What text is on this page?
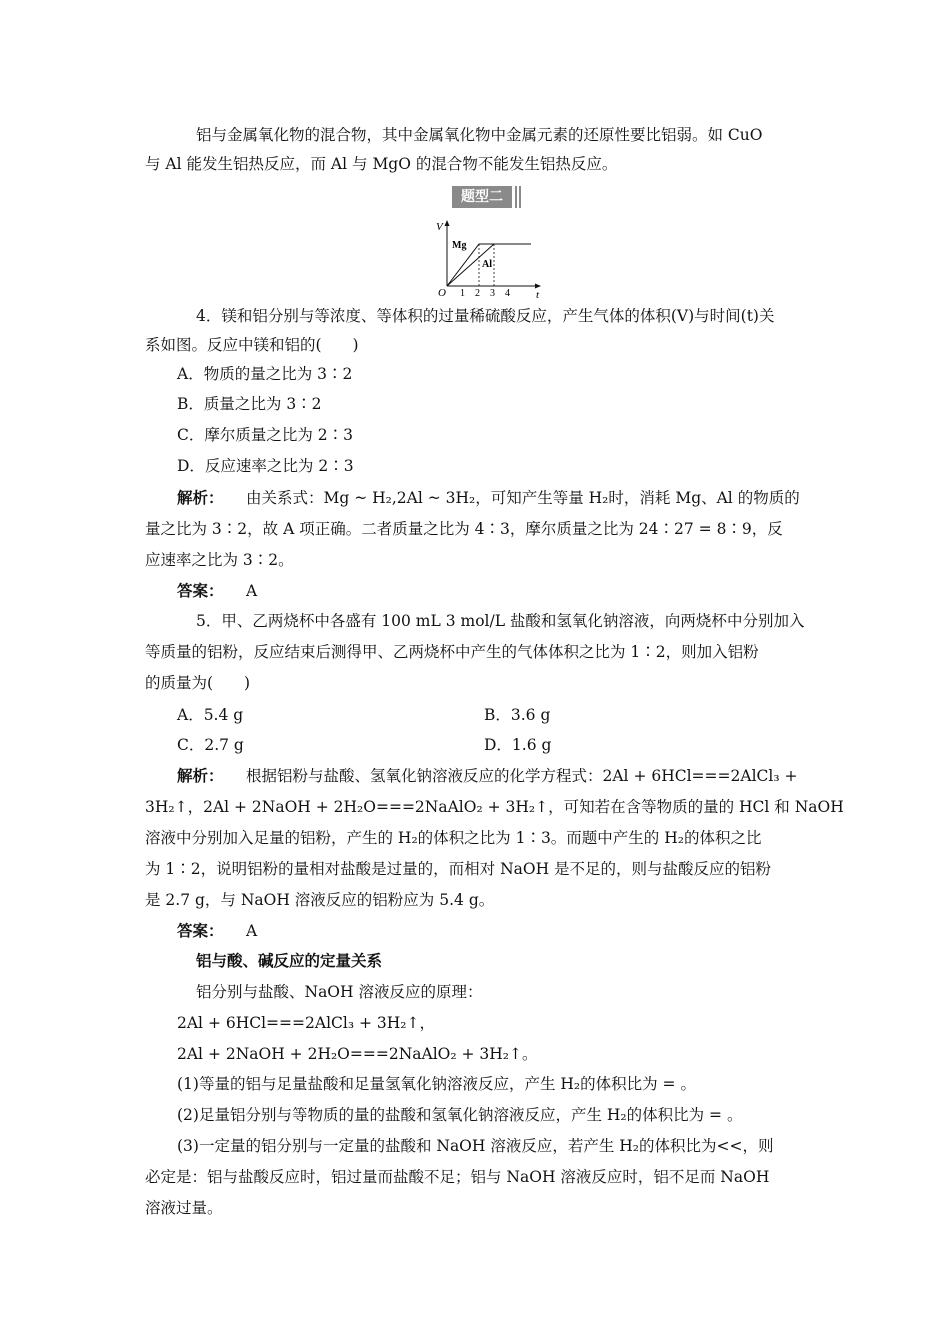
铝与金属氧化物的混合物，其中金属氧化物中金属元素的还原性要比铝弱。如 CuO
与 Al 能发生铝热反应，而 Al 与 MgO 的混合物不能发生铝热反应。
题型二
V
t
O 1 2 3 4
Mg
Al
4．镁和铝分别与等浓度、等体积的过量稀硫酸反应，产生气体的体积(V)与时间(t)关
系如图。反应中镁和铝的(　　)
A．物质的量之比为 3∶2
B．质量之比为 3∶2
C．摩尔质量之比为 2∶3
D．反应速率之比为 2∶3
解析： 由关系式：Mg ~ H₂,2Al ~ 3H₂，可知产生等量 H₂时，消耗 Mg、Al 的物质的
量之比为 3∶2，故 A 项正确。二者质量之比为 4∶3，摩尔质量之比为 24∶27 = 8∶9，反
应速率之比为 3∶2。
答案： A
5．甲、乙两烧杯中各盛有 100 mL 3 mol/L 盐酸和氢氧化钠溶液，向两烧杯中分别加入
等质量的铝粉，反应结束后测得甲、乙两烧杯中产生的气体体积之比为 1∶2，则加入铝粉
的质量为(　　)
A．5.4 g	B．3.6 g
C．2.7 g	D．1.6 g
解析： 根据铝粉与盐酸、氢氧化钠溶液反应的化学方程式：2Al + 6HCl===2AlCl₃ +
3H₂↑，2Al + 2NaOH + 2H₂O===2NaAlO₂ + 3H₂↑，可知若在含等物质的量的 HCl 和 NaOH
溶液中分别加入足量的铝粉，产生的 H₂的体积之比为 1∶3。而题中产生的 H₂的体积之比
为 1∶2，说明铝粉的量相对盐酸是过量的，而相对 NaOH 是不足的，则与盐酸反应的铝粉
是 2.7 g，与 NaOH 溶液反应的铝粉应为 5.4 g。
答案： A
铝与酸、碱反应的定量关系
铝分别与盐酸、NaOH 溶液反应的原理：
2Al + 6HCl===2AlCl₃ + 3H₂↑，
2Al + 2NaOH + 2H₂O===2NaAlO₂ + 3H₂↑。
(1)等量的铝与足量盐酸和足量氢氧化钠溶液反应，产生 H₂的体积比为 = 。
(2)足量铝分别与等物质的量的盐酸和氢氧化钠溶液反应，产生 H₂的体积比为 = 。
(3)一定量的铝分别与一定量的盐酸和 NaOH 溶液反应，若产生 H₂的体积比为<<，则
必定是：铝与盐酸反应时，铝过量而盐酸不足；铝与 NaOH 溶液反应时，铝不足而 NaOH
溶液过量。
